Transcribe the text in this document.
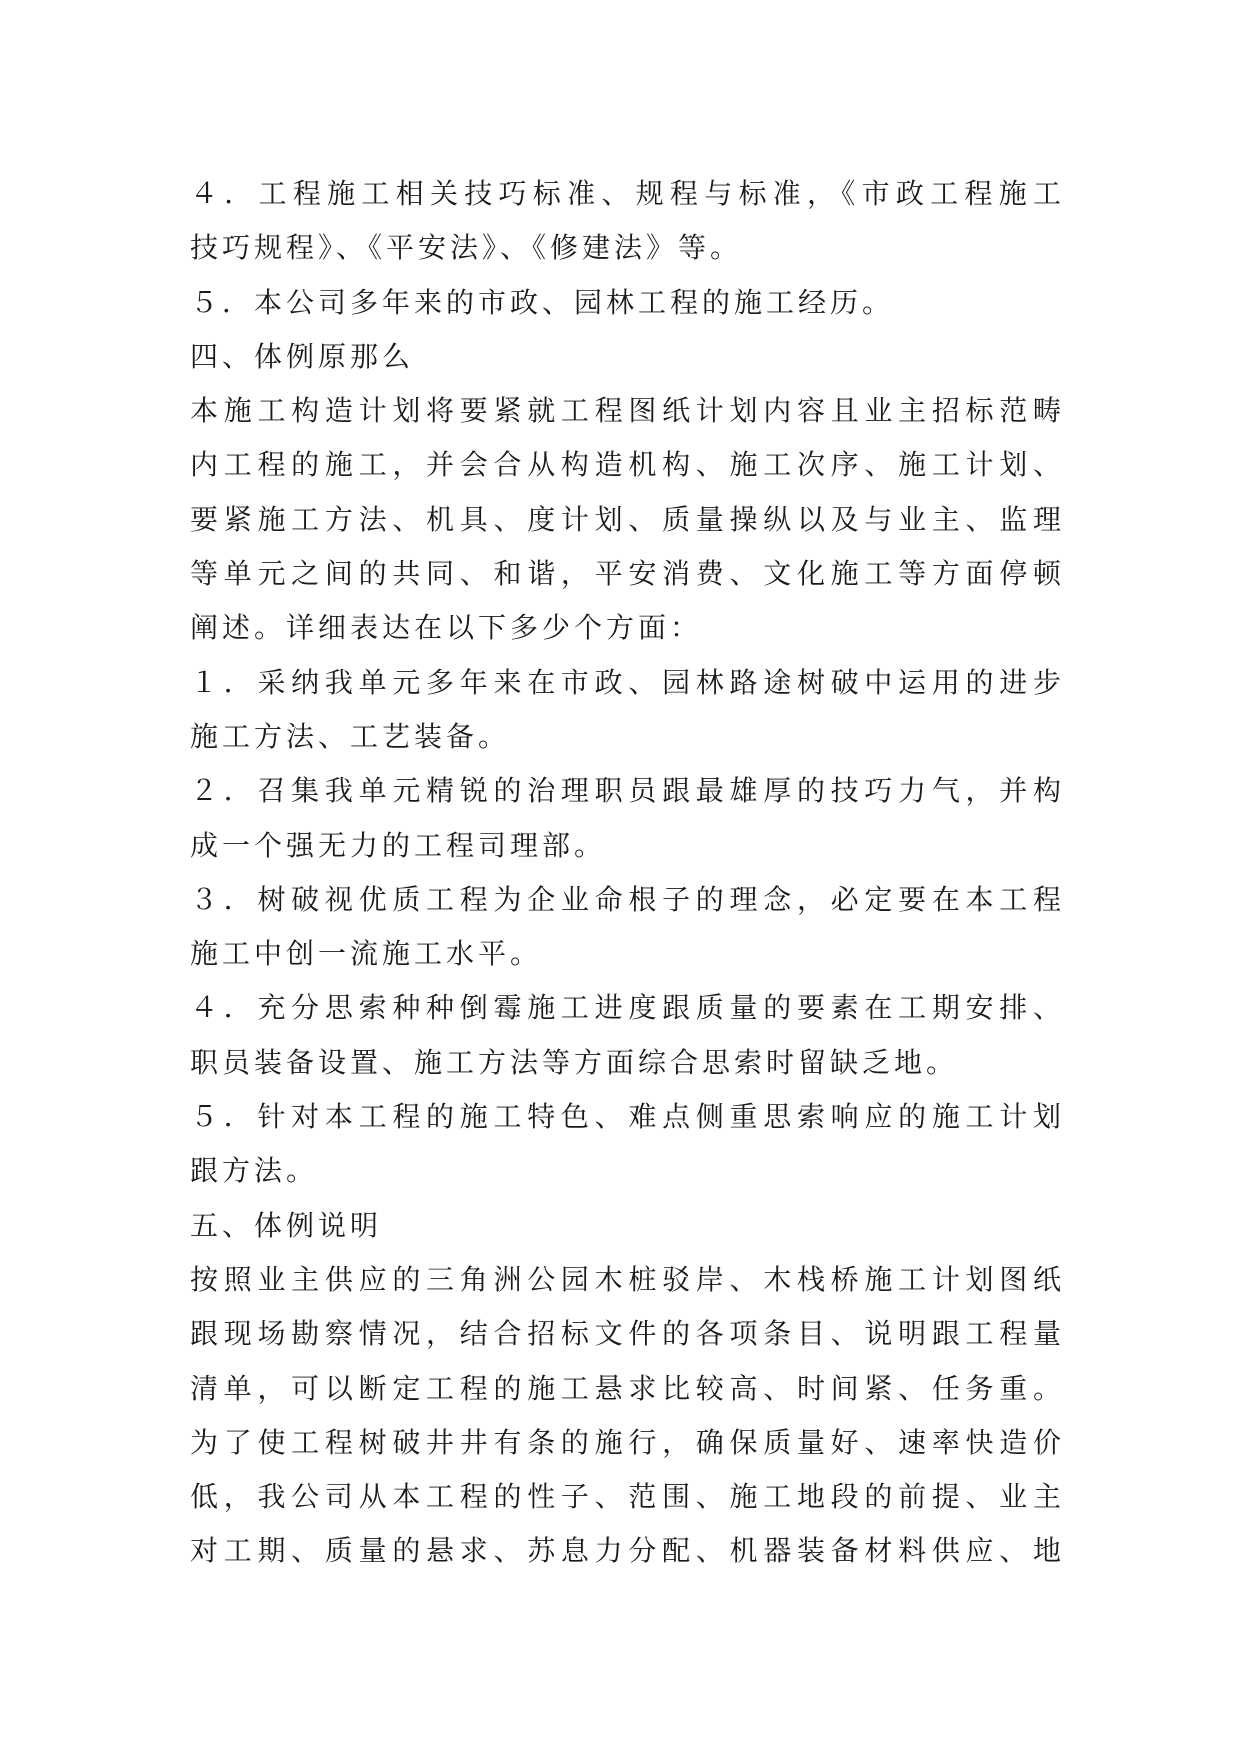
４．工程施工相关技巧标准、规程与标准，《市政工程施工
技巧规程》、《平安法》、《修建法》等。
５．本公司多年来的市政、园林工程的施工经历。
四、体例原那么
本施工构造计划将要紧就工程图纸计划内容且业主招标范畴
内工程的施工，并会合从构造机构、施工次序、施工计划、
要紧施工方法、机具、度计划、质量操纵以及与业主、监理
等单元之间的共同、和谐，平安消费、文化施工等方面停顿
阐述。详细表达在以下多少个方面：
１．采纳我单元多年来在市政、园林路途树破中运用的进步
施工方法、工艺装备。
２．召集我单元精锐的治理职员跟最雄厚的技巧力气，并构
成一个强无力的工程司理部。
３．树破视优质工程为企业命根子的理念，必定要在本工程
施工中创一流施工水平。
４．充分思索种种倒霉施工进度跟质量的要素在工期安排、
职员装备设置、施工方法等方面综合思索时留缺乏地。
５．针对本工程的施工特色、难点侧重思索响应的施工计划
跟方法。
五、体例说明
按照业主供应的三角洲公园木桩驳岸、木栈桥施工计划图纸
跟现场勘察情况，结合招标文件的各项条目、说明跟工程量
清单，可以断定工程的施工悬求比较高、时间紧、任务重。
为了使工程树破井井有条的施行，确保质量好、速率快造价
低，我公司从本工程的性子、范围、施工地段的前提、业主
对工期、质量的悬求、苏息力分配、机器装备材料供应、地
